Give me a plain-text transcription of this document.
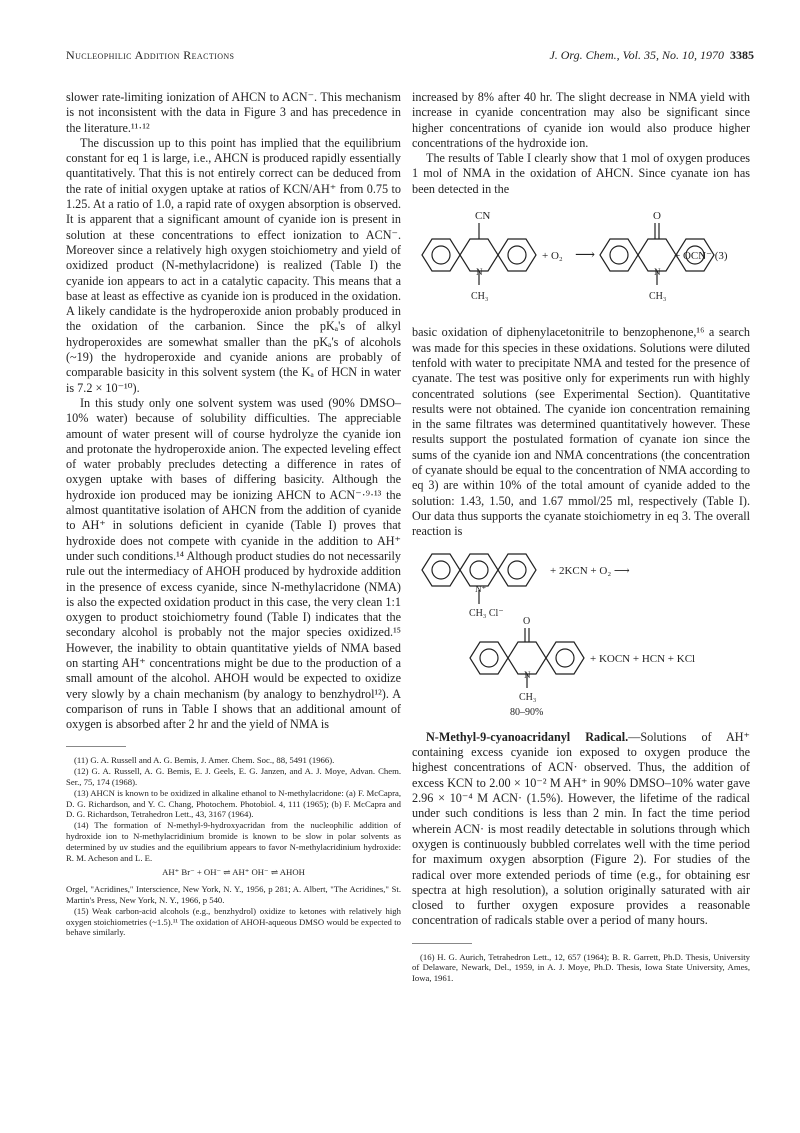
Nucleophilic Addition Reactions	J. Org. Chem., Vol. 35, No. 10, 1970 3385

slower rate-limiting ionization of AHCN to ACN⁻. This mechanism is not inconsistent with the data in Figure 3 and has precedence in the literature.¹¹·¹²

The discussion up to this point has implied that the equilibrium constant for eq 1 is large, i.e., AHCN is produced rapidly essentially quantitatively. That this is not entirely correct can be deduced from the rate of initial oxygen uptake at ratios of KCN/AH⁺ from 0.75 to 1.25. At a ratio of 1.0, a rapid rate of oxygen absorption is observed. It is apparent that a significant amount of cyanide ion is present in solution at these concentrations to effect ionization to ACN⁻. Moreover since a relatively high oxygen stoichiometry and yield of oxidized product (N-methylacridone) is realized (Table I) the cyanide ion appears to act in a catalytic capacity. This means that a base at least as effective as cyanide ion is produced in the oxidation. A likely candidate is the hydroperoxide anion probably produced in the oxidation of the carbanion. Since the pKₐ's of alkyl hydroperoxides are somewhat smaller than the pKₐ's of alcohols (~19) the hydroperoxide and cyanide anions are probably of comparable basicity in this solvent system (the Kₐ of HCN in water is 7.2 × 10⁻¹⁰).

In this study only one solvent system was used (90% DMSO–10% water) because of solubility difficulties. The appreciable amount of water present will of course hydrolyze the cyanide ion and protonate the hydroperoxide anion. The expected leveling effect of water probably precludes detecting a difference in rates of oxygen uptake with bases of differing basicity. Although the hydroxide ion produced may be ionizing AHCN to ACN⁻·⁹·¹³ the almost quantitative isolation of AHCN from the addition of cyanide to AH⁺ in solutions deficient in cyanide (Table I) proves that hydroxide does not compete with cyanide in the addition to AH⁺ under such conditions.¹⁴ Although product studies do not necessarily rule out the intermediacy of AHOH produced by hydroxide addition in the presence of excess cyanide, since N-methylacridone (NMA) is also the expected oxidation product in this case, the very clean 1:1 oxygen to product stoichiometry found (Table I) indicates that the secondary alcohol is probably not the major species oxidized.¹⁵ However, the inability to obtain quantitative yields of NMA based on starting AH⁺ concentrations might be due to the production of a small amount of the alcohol. AHOH would be expected to oxidize very slowly by a chain mechanism (by analogy to benzhydrol¹²). A comparison of runs in Table I shows that an additional amount of oxygen is absorbed after 2 hr and the yield of NMA is

(11) G. A. Russell and A. G. Bemis, J. Amer. Chem. Soc., 88, 5491 (1966).

(12) G. A. Russell, A. G. Bemis, E. J. Geels, E. G. Janzen, and A. J. Moye, Advan. Chem. Ser., 75, 174 (1968).

(13) AHCN is known to be oxidized in alkaline ethanol to N-methylacridone: (a) F. McCapra, D. G. Richardson, and Y. C. Chang, Photochem. Photobiol. 4, 111 (1965); (b) F. McCapra and D. G. Richardson, Tetrahedron Lett., 43, 3167 (1964).

(14) The formation of N-methyl-9-hydroxyacridan from the nucleophilic addition of hydroxide ion to N-methylacridinium bromide is known to be slow in polar solvents as determined by uv studies and the equilibrium appears to favor N-methylacridinium hydroxide: R. M. Acheson and L. E.

AH⁺ Br⁻ + OH⁻ ⇌ AH⁺ OH⁻ ⇌ AHOH

Orgel, "Acridines," Interscience, New York, N. Y., 1956, p 281; A. Albert, "The Acridines," St. Martin's Press, New York, N. Y., 1966, p 540.

(15) Weak carbon-acid alcohols (e.g., benzhydrol) oxidize to ketones with relatively high oxygen stoichiometries (~1.5).¹¹ The oxidation of AHOH-aqueous DMSO would be expected to behave similarly.

increased by 8% after 40 hr. The slight decrease in NMA yield with increase in cyanide concentration may also be significant since higher concentrations of cyanide ion would also produce higher concentrations of the hydroxide ion.

The results of Table I clearly show that 1 mol of oxygen produces 1 mol of NMA in the oxidation of AHCN. Since cyanate ion has been detected in the

CN
N
CH₃
+ O₂ ⟶
O
N
CH₃
+ OCN⁻ (3)

basic oxidation of diphenylacetonitrile to benzophenone,¹⁶ a search was made for this species in these oxidations. Solutions were diluted tenfold with water to precipitate NMA and tested for the presence of cyanate. The test was positive only for experiments run with highly concentrated solutions (see Experimental Section). Quantitative results were not obtained. The cyanide ion concentration remaining in the same filtrates was determined quantitatively however. These results support the postulated formation of cyanate ion since the sums of the cyanide ion and NMA concentrations (the concentration of cyanate should be equal to the concentration of NMA according to eq 3) are within 10% of the total amount of cyanide added to the solution: 1.43, 1.50, and 1.67 mmol/25 ml, respectively (Table I). Our data thus supports the cyanate stoichiometry in eq 3. The overall reaction is

N⁺
CH₃ Cl⁻
+ 2KCN + O₂ ⟶
O
N
CH₃
+ KOCN + HCN + KCl
80–90%

N-Methyl-9-cyanoacridanyl Radical.—Solutions of AH⁺ containing excess cyanide ion exposed to oxygen produce the highest concentrations of ACN· observed. Thus, the addition of excess KCN to 2.00 × 10⁻² M AH⁺ in 90% DMSO–10% water gave 2.96 × 10⁻⁴ M ACN· (1.5%). However, the lifetime of the radical under such conditions is less than 2 min. In fact the time period wherein ACN· is most readily detectable in solutions through which oxygen is continuously bubbled correlates well with the time period for maximum oxygen absorption (Figure 2). For studies of the radical over more extended periods of time (e.g., for obtaining esr spectra at high resolution), a solution originally saturated with air closed to further oxygen exposure provides a reasonable concentration of radicals stable over a period of many hours.

(16) H. G. Aurich, Tetrahedron Lett., 12, 657 (1964); B. R. Garrett, Ph.D. Thesis, University of Delaware, Newark, Del., 1959, in A. J. Moye, Ph.D. Thesis, Iowa State University, Ames, Iowa, 1961.
